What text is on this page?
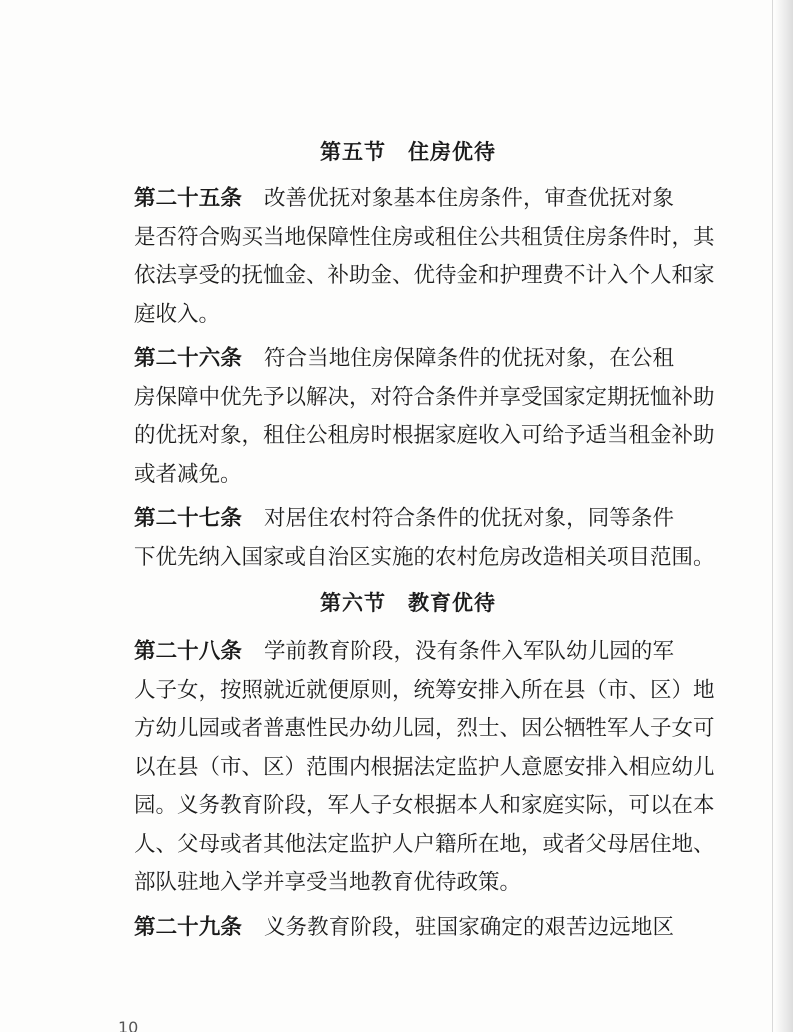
第五节 住房优待
第二十五条 改善优抚对象基本住房条件，审查优抚对象
是否符合购买当地保障性住房或租住公共租赁住房条件时，其
依法享受的抚恤金、补助金、优待金和护理费不计入个人和家
庭收入。
第二十六条 符合当地住房保障条件的优抚对象，在公租
房保障中优先予以解决，对符合条件并享受国家定期抚恤补助
的优抚对象，租住公租房时根据家庭收入可给予适当租金补助
或者减免。
第二十七条 对居住农村符合条件的优抚对象，同等条件
下优先纳入国家或自治区实施的农村危房改造相关项目范围。
第六节 教育优待
第二十八条 学前教育阶段，没有条件入军队幼儿园的军
人子女，按照就近就便原则，统筹安排入所在县（市、区）地
方幼儿园或者普惠性民办幼儿园，烈士、因公牺牲军人子女可
以在县（市、区）范围内根据法定监护人意愿安排入相应幼儿
园。义务教育阶段，军人子女根据本人和家庭实际，可以在本
人、父母或者其他法定监护人户籍所在地，或者父母居住地、
部队驻地入学并享受当地教育优待政策。
第二十九条 义务教育阶段，驻国家确定的艰苦边远地区
10
